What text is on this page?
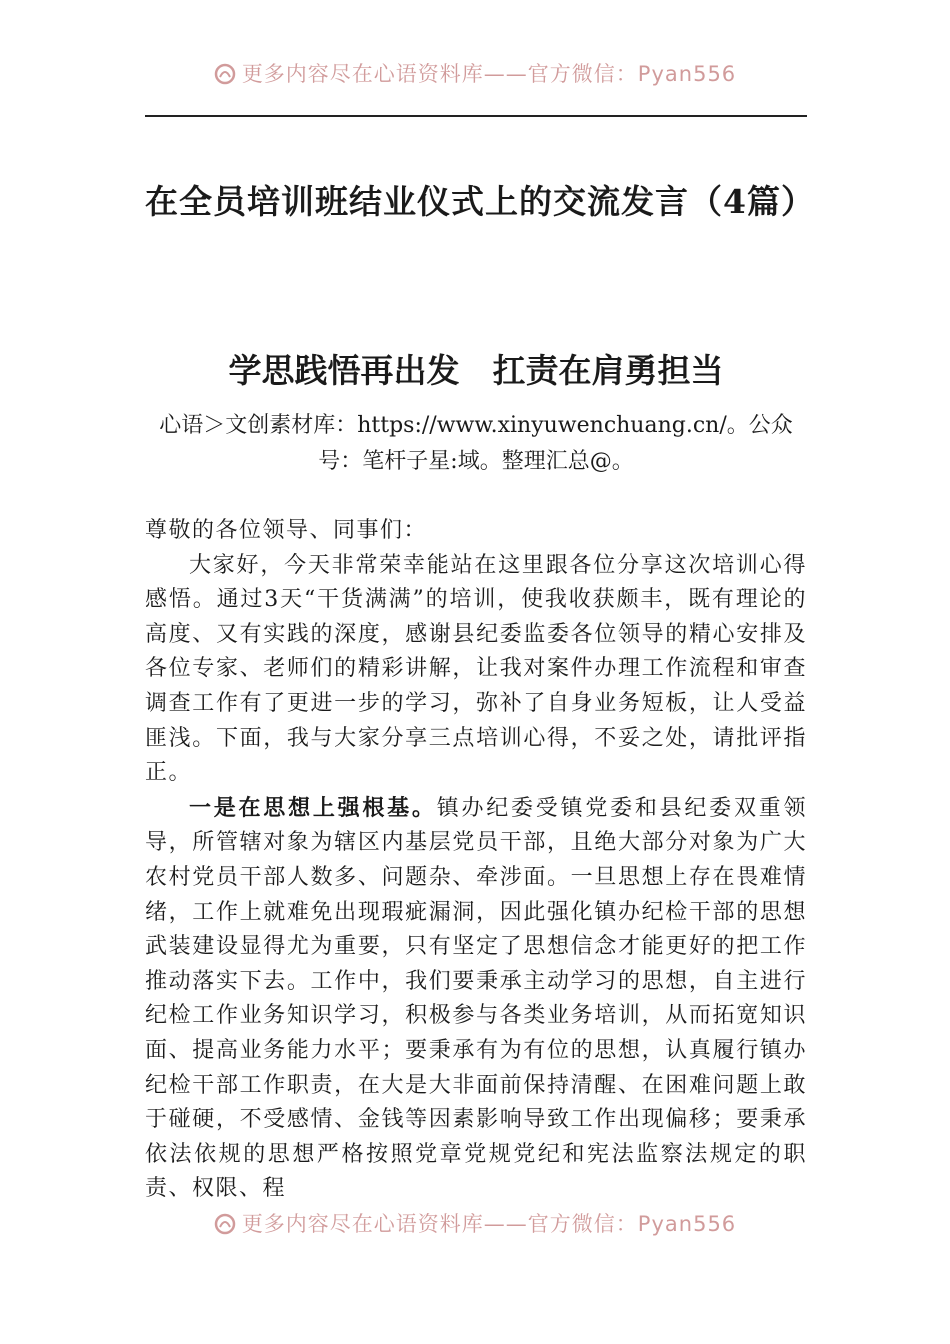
更多内容尽在心语资料库——官方微信：Pyan556
在全员培训班结业仪式上的交流发言（4篇）
学思践悟再出发　扛责在肩勇担当
心语＞文创素材库：https://www.xinyuwenchuang.cn/。公众号：笔杆子星:域。整理汇总@。

尊敬的各位领导、同事们：

大家好，今天非常荣幸能站在这里跟各位分享这次培训心得感悟。通过3天“干货满满”的培训，使我收获颇丰，既有理论的高度、又有实践的深度，感谢县纪委监委各位领导的精心安排及各位专家、老师们的精彩讲解，让我对案件办理工作流程和审查调查工作有了更进一步的学习，弥补了自身业务短板，让人受益匪浅。下面，我与大家分享三点培训心得，不妥之处，请批评指正。

一是在思想上强根基。镇办纪委受镇党委和县纪委双重领导，所管辖对象为辖区内基层党员干部，且绝大部分对象为广大农村党员干部人数多、问题杂、牵涉面。一旦思想上存在畏难情绪，工作上就难免出现瑕疵漏洞，因此强化镇办纪检干部的思想武装建设显得尤为重要，只有坚定了思想信念才能更好的把工作推动落实下去。工作中，我们要秉承主动学习的思想，自主进行纪检工作业务知识学习，积极参与各类业务培训，从而拓宽知识面、提高业务能力水平；要秉承有为有位的思想，认真履行镇办纪检干部工作职责，在大是大非面前保持清醒、在困难问题上敢于碰硬，不受感情、金钱等因素影响导致工作出现偏移；要秉承依法依规的思想严格按照党章党规党纪和宪法监察法规定的职责、权限、程

更多内容尽在心语资料库——官方微信：Pyan556
